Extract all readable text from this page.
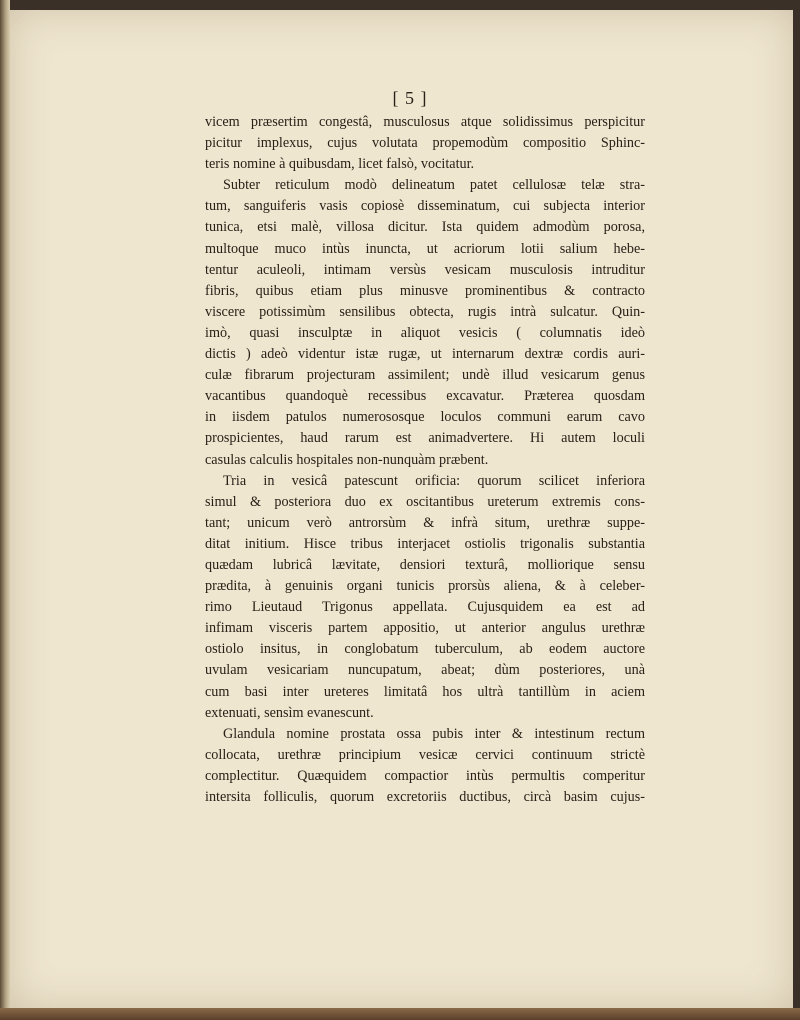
[ 5 ]
vicem præsertim congestâ, musculosus atque solidissimus perspicitur
picitur implexus, cujus volutata propemodùm compositio Sphinc-
teris nomine à quibusdam, licet falsò, vocitatur.
Subter reticulum modò delineatum patet cellulosæ telæ stra-
tum, sanguiferis vasis copiosè disseminatum, cui subjecta interior
tunica, etsi malè, villosa dicitur. Ista quidem admodùm porosa,
multoque muco intùs inuncta, ut acriorum lotii salium hebe-
tentur aculeoli, intimam versùs vesicam musculosis intruditur
fibris, quibus etiam plus minusve prominentibus & contracto
viscere potissimùm sensilibus obtecta, rugis intrà sulcatur. Quin-
imò, quasi insculptæ in aliquot vesicis ( columnatis ideò
dictis ) adeò videntur istæ rugæ, ut internarum dextræ cordis auri-
culæ fibrarum projecturam assimilent; undè illud vesicarum genus
vacantibus quandoquè recessibus excavatur. Præterea quosdam
in iisdem patulos numerososque loculos communi earum cavo
prospicientes, haud rarum est animadvertere. Hi autem loculi
casulas calculis hospitales non-nunquàm præbent.
Tria in vesicâ patescunt orificia: quorum scilicet inferiora
simul & posteriora duo ex oscitantibus ureterum extremis cons-
tant; unicum verò antrorsùm & infrà situm, urethræ suppe-
ditat initium. Hisce tribus interjacet ostiolis trigonalis substantia
quædam lubricâ lævitate, densiori texturâ, molliorique sensu
prædita, à genuinis organi tunicis prorsùs aliena, & à celeber-
rimo Lieutaud Trigonus appellata. Cujusquidem ea est ad
infimam visceris partem appositio, ut anterior angulus urethræ
ostiolo insitus, in conglobatum tuberculum, ab eodem auctore
uvulam vesicariam nuncupatum, abeat; dùm posteriores, unà
cum basi inter ureteres limitatâ hos ultrà tantillùm in aciem
extenuati, sensìm evanescunt.
Glandula nomine prostata ossa pubis inter & intestinum rectum
collocata, urethræ principium vesicæ cervici continuum strictè
complectitur. Quæquidem compactior intùs permultis comperitur
intersita folliculis, quorum excretoriis ductibus, circà basim cujus-
